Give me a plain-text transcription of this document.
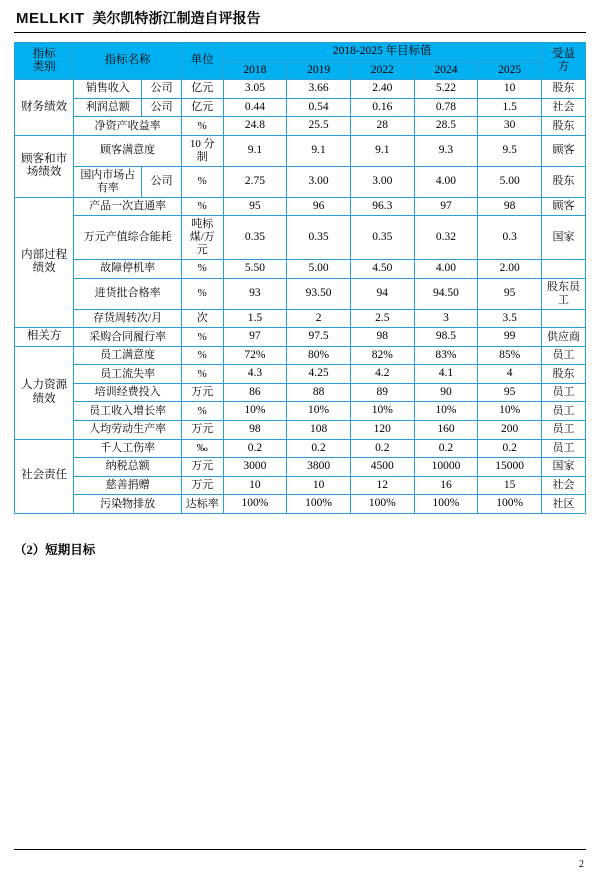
MELLKIT 美尔凯特浙江制造自评报告
指标
类别
	指标名称	单位	2018-2025 年目标值	受益
方

				2018	2019	2022	2024	2025	
财务绩效	销售收入	公司	亿元	3.05	3.66	2.40	5.22	10	股东
	利润总额	公司	亿元	0.44	0.54	0.16	0.78	1.5	社会
	净资产收益率		%	24.8	25.5	28	28.5	30	股东
顾客和市场绩效	顾客满意度		10 分制	9.1	9.1	9.1	9.3	9.5	顾客
	国内市场占有率	公司	%	2.75	3.00	3.00	4.00	5.00	股东
内部过程绩效	产品一次直通率		%	95	96	96.3	97	98	顾客
	万元产值综合能耗		吨标煤/万元	0.35	0.35	0.35	0.32	0.3	国家
	故障停机率		%	5.50	5.00	4.50	4.00	2.00	
	进货批合格率		%	93	93.50	94	94.50	95	股东员工
	存货周转次/月		次	1.5	2	2.5	3	3.5	
相关方	采购合同履行率		%	97	97.5	98	98.5	99	供应商
人力资源绩效	员工满意度		%	72%	80%	82%	83%	85%	员工
	员工流失率		%	4.3	4.25	4.2	4.1	4	股东
	培训经费投入		万元	86	88	89	90	95	员工
	员工收入增长率		%	10%	10%	10%	10%	10%	员工
	人均劳动生产率		万元	98	108	120	160	200	员工
社会责任	千人工伤率		‰	0.2	0.2	0.2	0.2	0.2	员工
	纳税总额		万元	3000	3800	4500	10000	15000	国家
	慈善捐赠		万元	10	10	12	16	15	社会
	污染物排放		达标率	100%	100%	100%	100%	100%	社区
（2）短期目标
2
